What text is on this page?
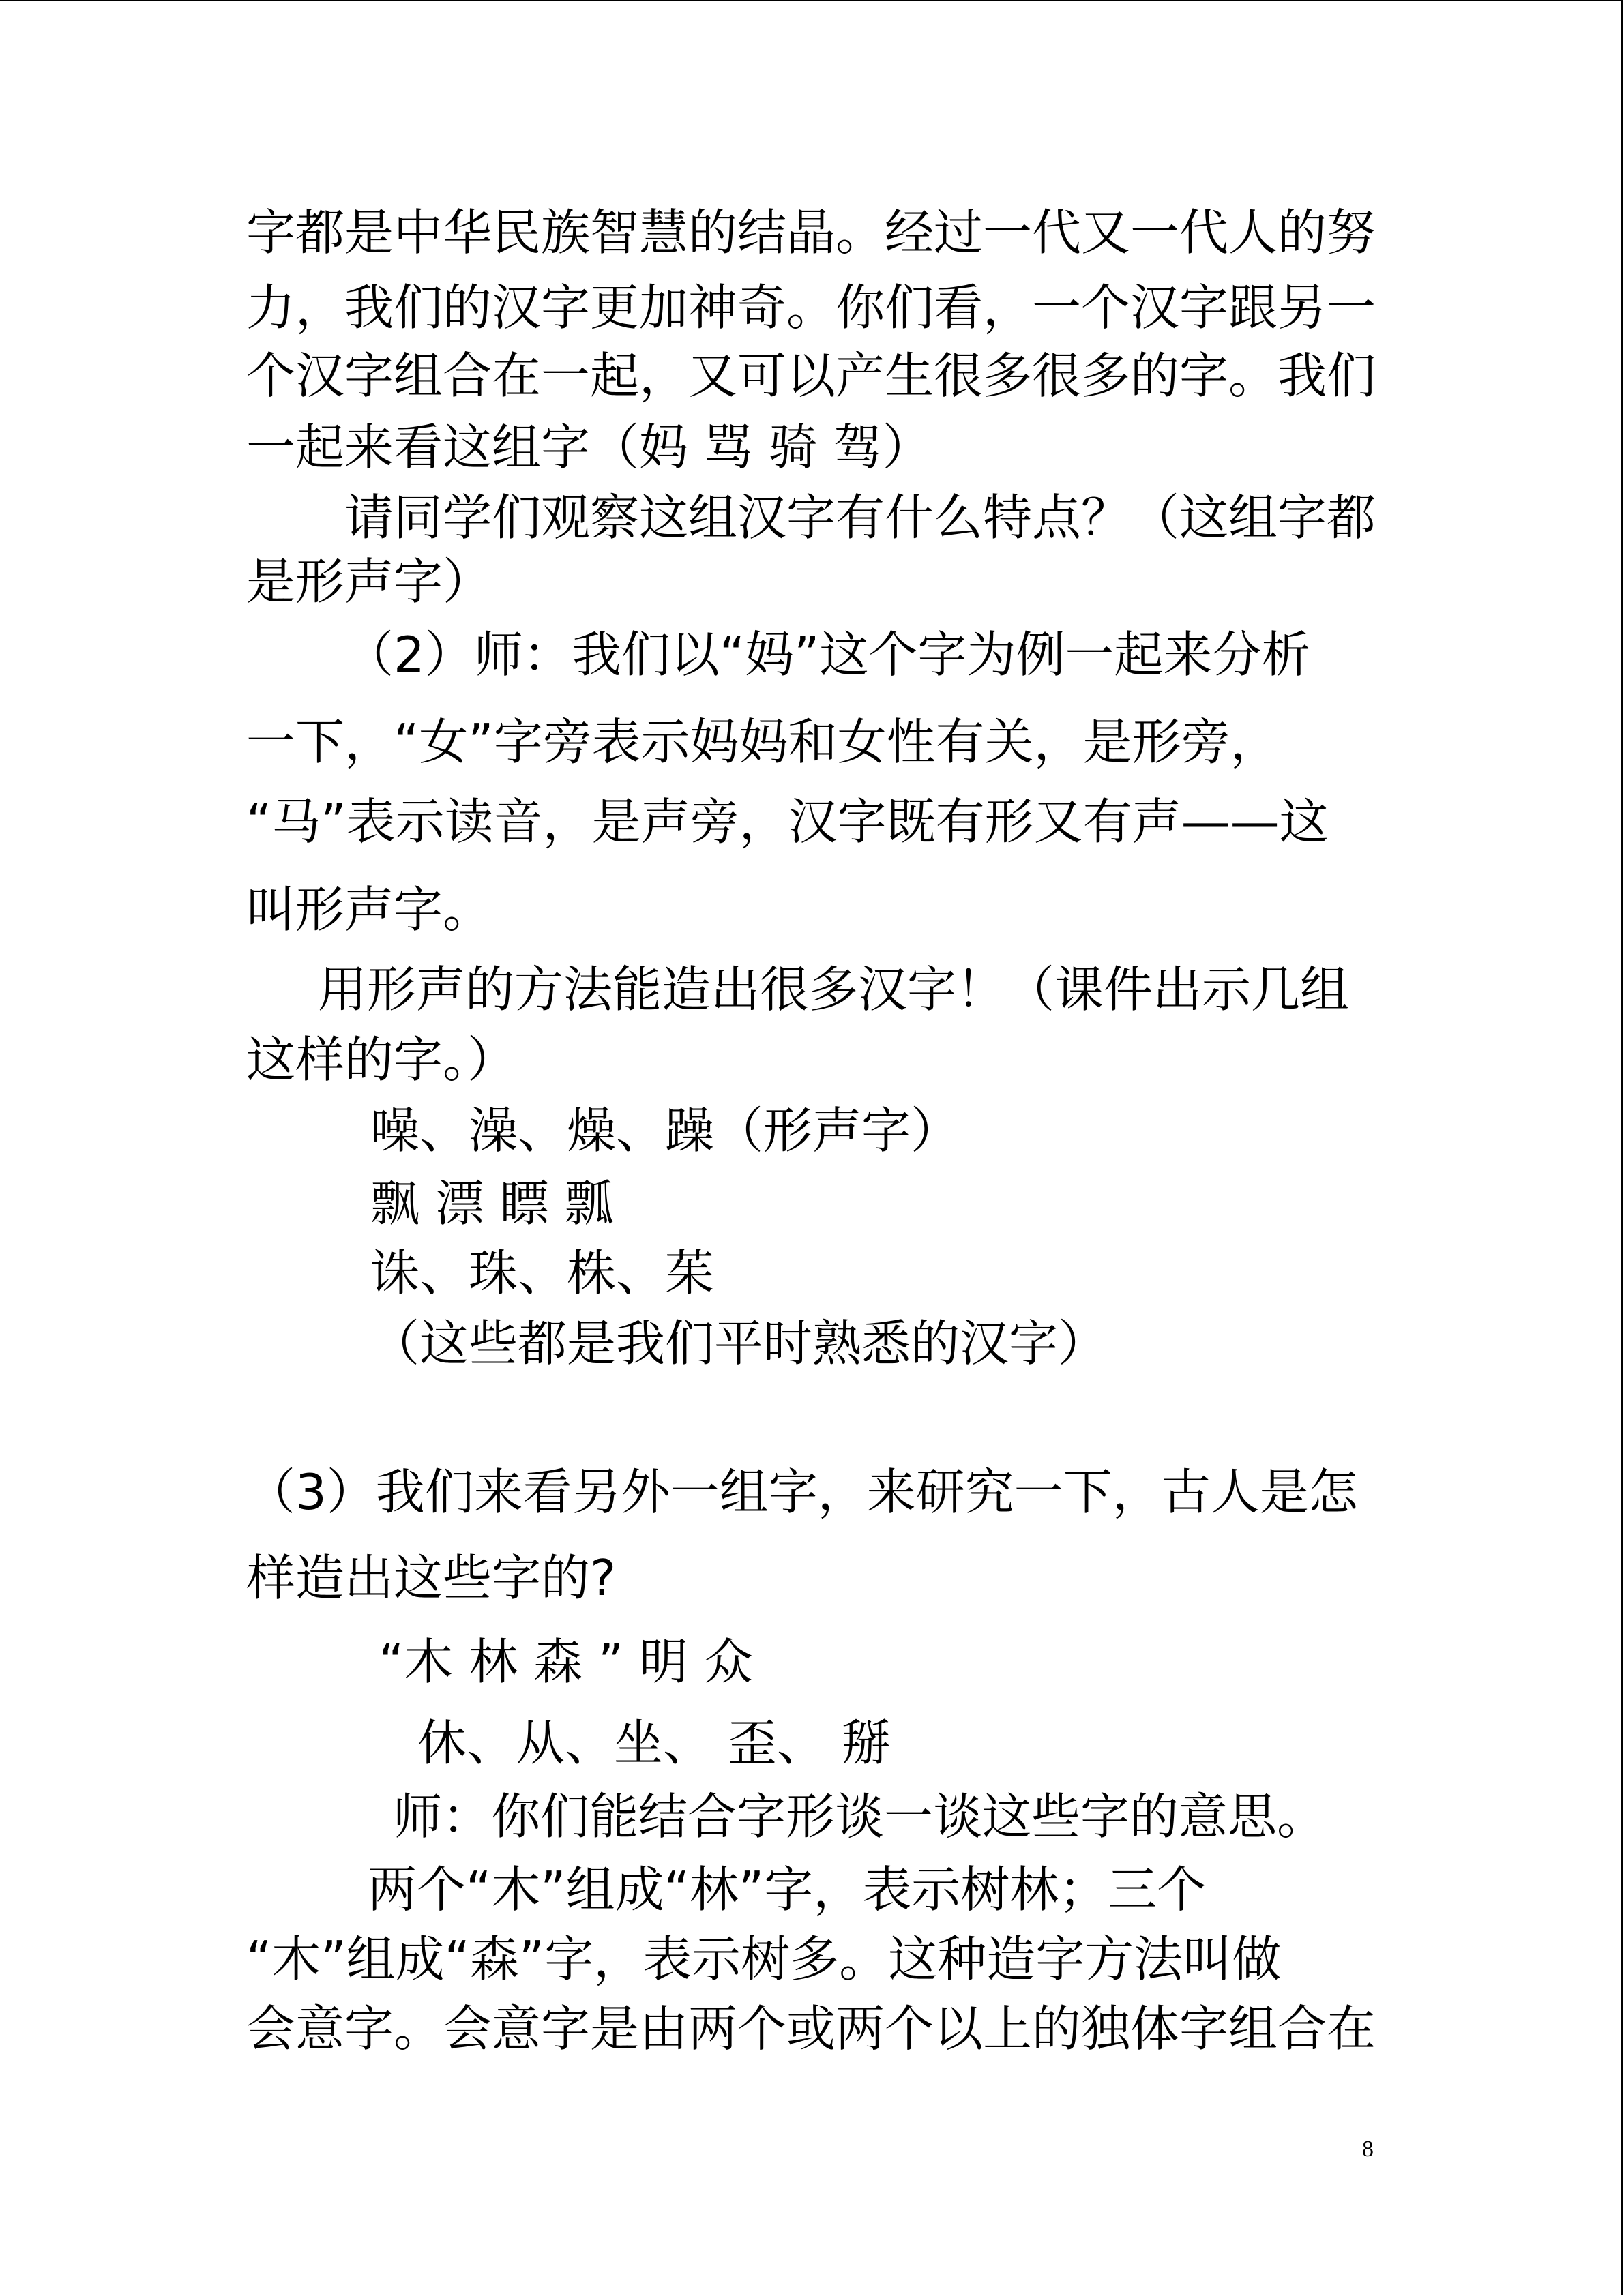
字都是中华民族智慧的结晶。经过一代又一代人的努
力，我们的汉字更加神奇。你们看，一个汉字跟另一
个汉字组合在一起，又可以产生很多很多的字。我们
一起来看这组字（妈 骂 骑 驾）
请同学们观察这组汉字有什么特点？（这组字都
是形声字）
（2）师：我们以“妈”这个字为例一起来分析
一下，“女”字旁表示妈妈和女性有关，是形旁，
“马”表示读音，是声旁，汉字既有形又有声——这
叫形声字。
用形声的方法能造出很多汉字！（课件出示几组
这样的字。）
噪、澡、燥、躁（形声字）
飘 漂 瞟 瓢
诛、珠、株、茱
（这些都是我们平时熟悉的汉字）
（3）我们来看另外一组字，来研究一下，古人是怎
样造出这些字的?
“木 林 森 ” 明 众
休、从、坐、 歪、 掰
师：你们能结合字形谈一谈这些字的意思。
两个“木”组成“林”字，表示树林；三个
“木”组成“森”字，表示树多。这种造字方法叫做
会意字。会意字是由两个或两个以上的独体字组合在
8
